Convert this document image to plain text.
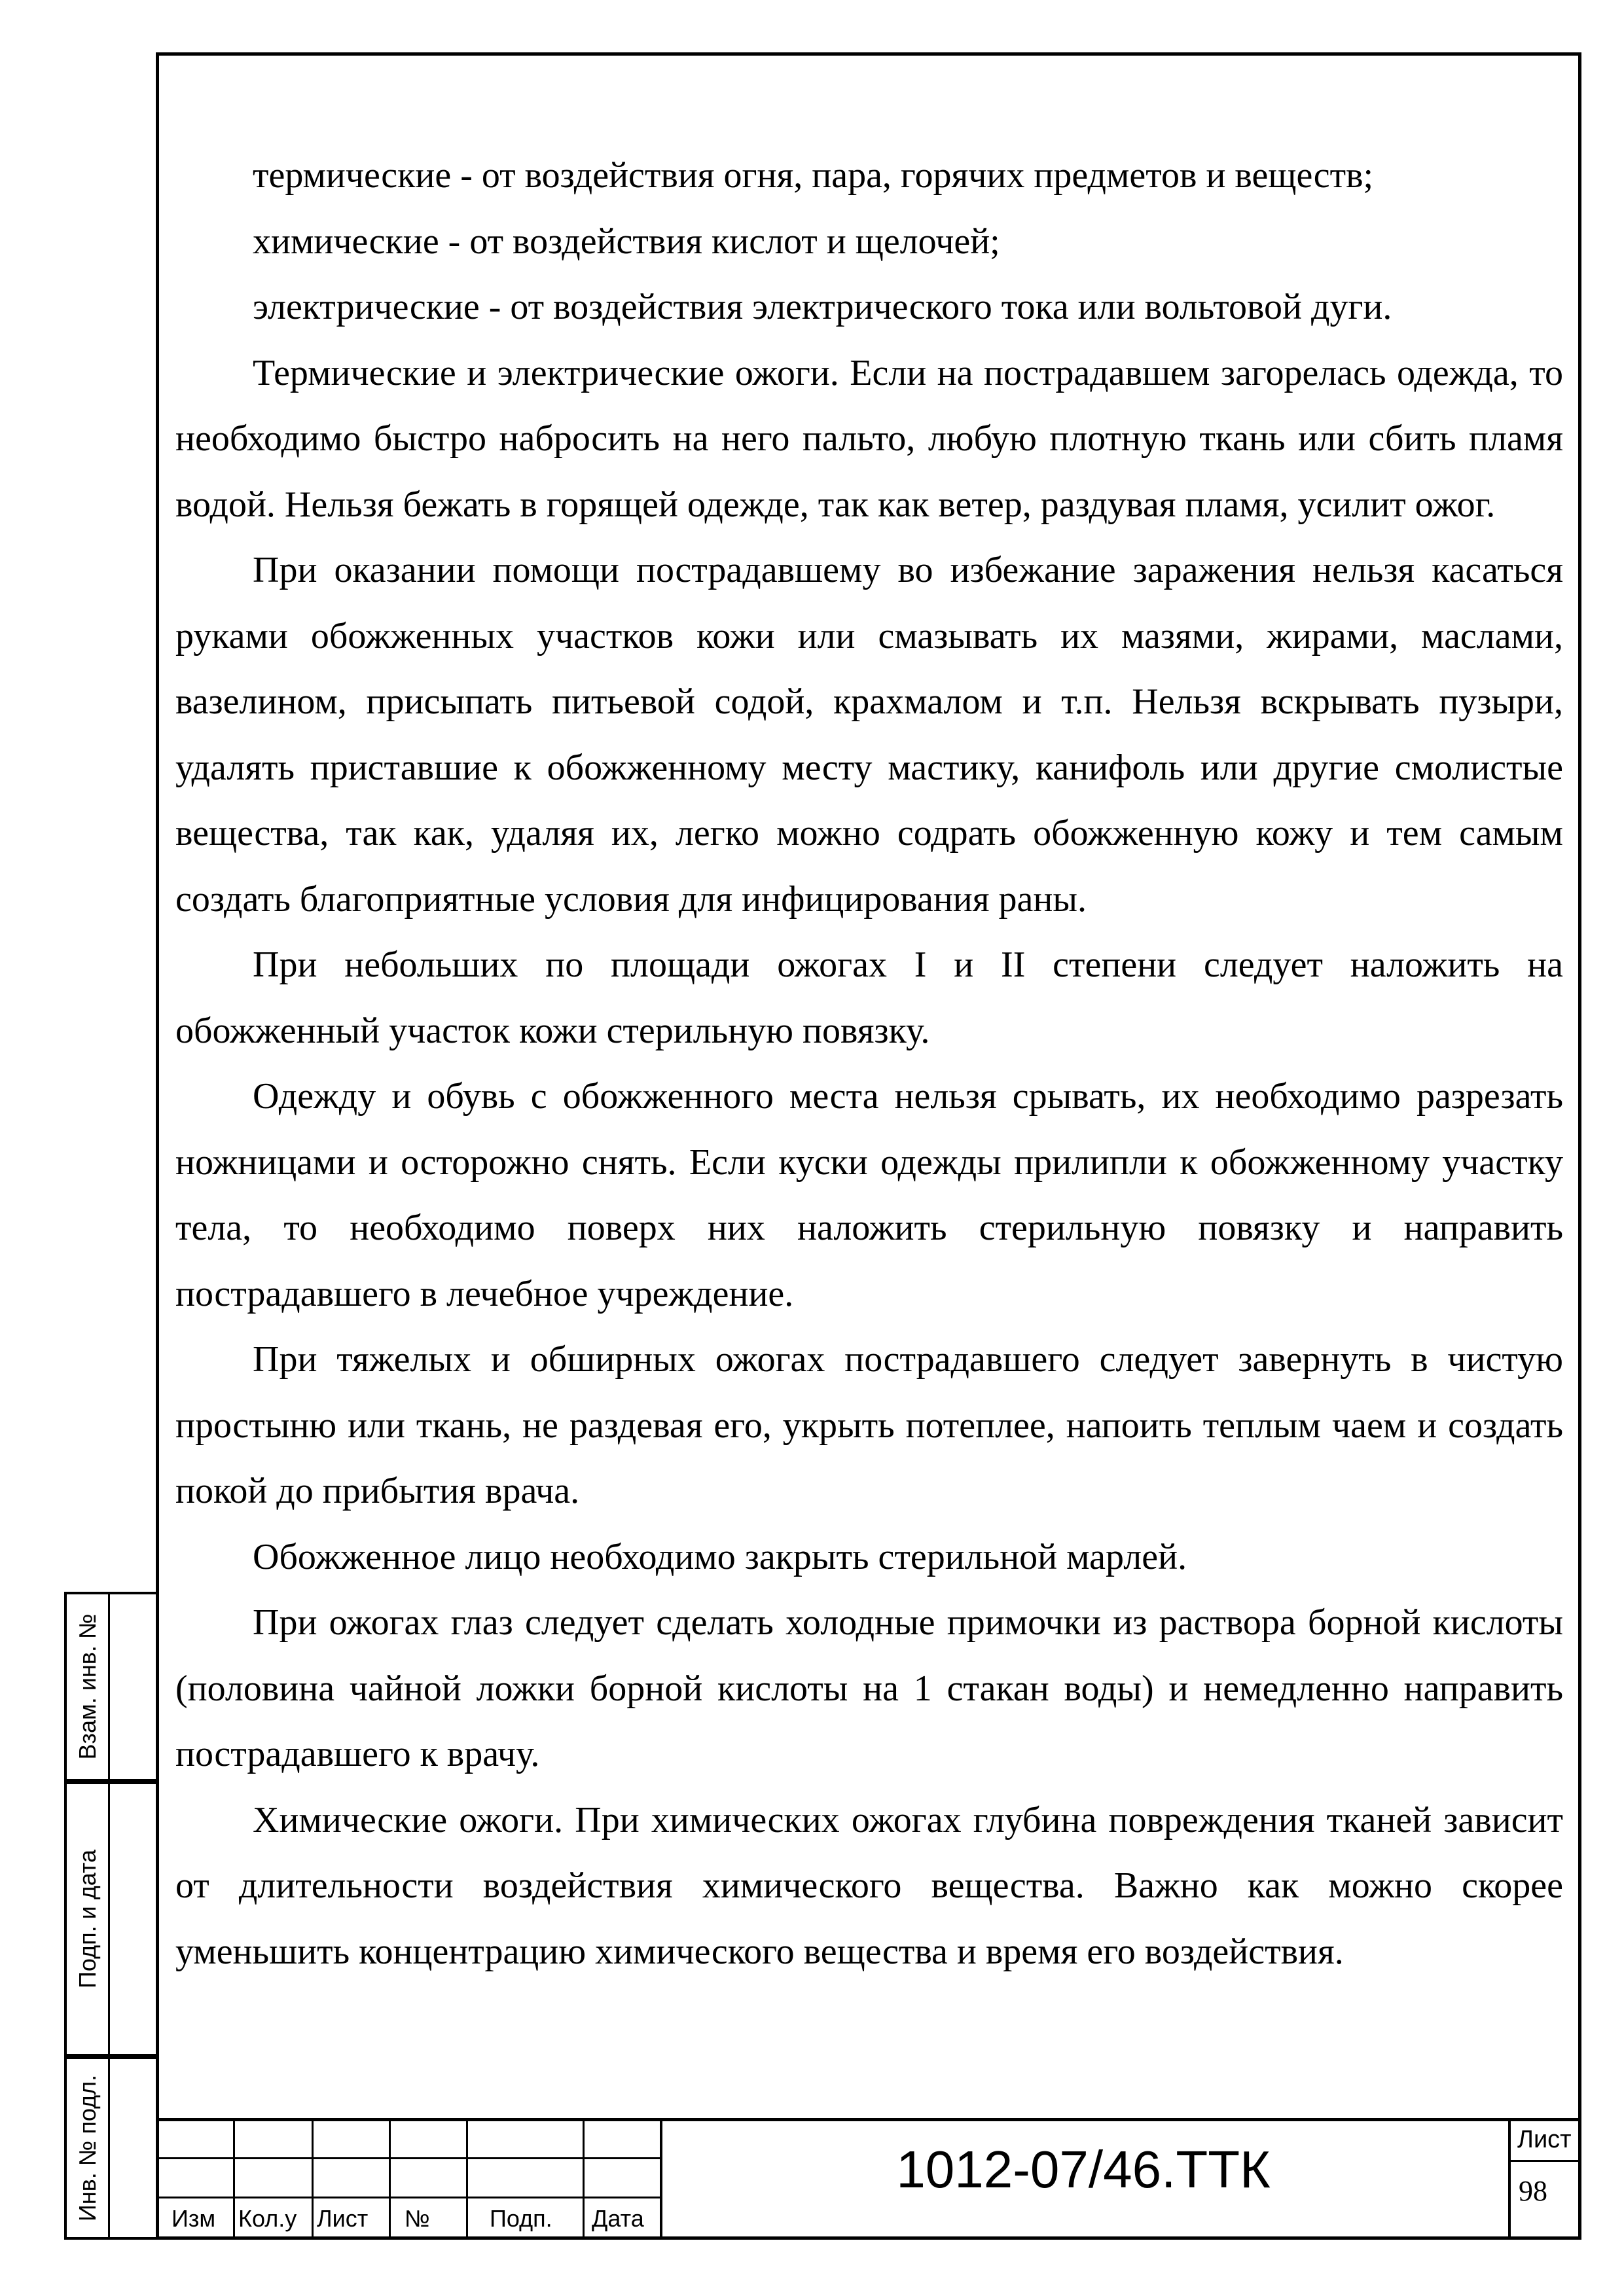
термические - от воздействия огня, пара, горячих предметов и веществ;

химические - от воздействия кислот и щелочей;

электрические - от воздействия электрического тока или вольтовой дуги.

Термические и электрические ожоги. Если на пострадавшем загорелась одежда, то необходимо быстро набросить на него пальто, любую плотную ткань или сбить пламя водой. Нельзя бежать в горящей одежде, так как ветер, раздувая пламя, усилит ожог.

При оказании помощи пострадавшему во избежание заражения нельзя касаться руками обожженных участков кожи или смазывать их мазями, жирами, маслами, вазелином, присыпать питьевой содой, крахмалом и т.п. Нельзя вскрывать пузыри, удалять приставшие к обожженному месту мастику, канифоль или другие смолистые вещества, так как, удаляя их, легко можно содрать обожженную кожу и тем самым создать благоприятные условия для инфицирования раны.

При небольших по площади ожогах I и II степени следует наложить на обожженный участок кожи стерильную повязку.

Одежду и обувь с обожженного места нельзя срывать, их необходимо разрезать ножницами и осторожно снять. Если куски одежды прилипли к обожженному участку тела, то необходимо поверх них наложить стерильную повязку и направить пострадавшего в лечебное учреждение.

При тяжелых и обширных ожогах пострадавшего следует завернуть в чистую простыню или ткань, не раздевая его, укрыть потеплее, напоить теплым чаем и создать покой до прибытия врача.

Обожженное лицо необходимо закрыть стерильной марлей.

При ожогах глаз следует сделать холодные примочки из раствора борной кислоты (половина чайной ложки борной кислоты на 1 стакан воды) и немедленно направить пострадавшего к врачу.

Химические ожоги. При химических ожогах глубина повреждения тканей зависит от длительности воздействия химического вещества. Важно как можно скорее уменьшить концентрацию химического вещества и время его воздействия.

Взам. инв. №
Подп. и дата
Инв. № подл.	Изм Кол.у Лист №	Подп. Дата
1012-07/46.ТТК
Лист
98
